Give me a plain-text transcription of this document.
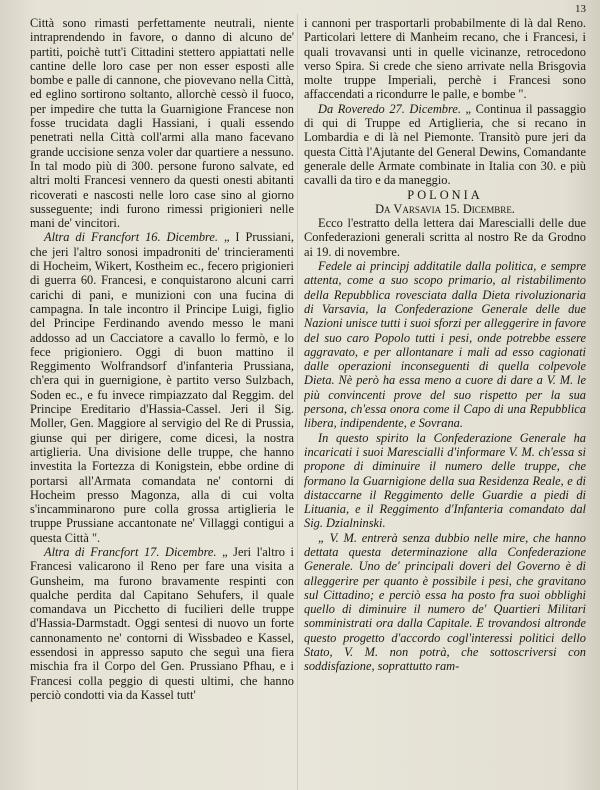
13

Città sono rimasti perfettamente neutrali, niente intraprendendo in favore, o danno di alcuno de' partiti, poichè tutt'i Cittadini stettero appiattati nelle cantine delle loro case per non esser esposti alle bombe e palle di cannone, che piovevano nella Città, ed eglino sortirono soltanto, allorchè cessò il fuoco, per impedire che tutta la Guarnigione Francese non fosse trucidata dagli Hassiani, i quali essendo penetrati nella Città coll'armi alla mano facevano grande uccisione senza voler dar quartiere a nessuno. In tal modo più di 300. persone furono salvate, ed altri molti Francesi vennero da questi onesti abitanti ricoverati e nascosti nelle loro case sino al giorno susseguente; indi furono rimessi prigionieri nelle mani de' vincitori.

Altra di Francfort 16. Dicembre. „ I Prussiani, che jeri l'altro sonosi impadroniti de' trincieramenti di Hocheim, Wikert, Kostheim ec., fecero prigionieri di guerra 60. Francesi, e conquistarono alcuni carri carichi di pani, e munizioni con una fucina di campagna. In tale incontro il Principe Luigi, figlio del Principe Ferdinando avendo messo le mani addosso ad un Cacciatore a cavallo lo fermò, e lo fece prigioniero. Oggi di buon mattino il Reggimento Wolfrandsorf d'infanteria Prussiana, ch'era qui in guernigione, è partito verso Sulzbach, Soden ec., e fu invece rimpiazzato dal Reggim. del Principe Ereditario d'Hassia-Cassel. Jeri il Sig. Moller, Gen. Maggiore al servigio del Re di Prussia, giunse qui per dirigere, come dicesi, la nostra artiglieria. Una divisione delle truppe, che hanno investita la Fortezza di Konigstein, ebbe ordine di portarsi all'Armata comandata ne' contorni di Hocheim presso Magonza, alla di cui volta s'incamminarono pure colla grossa artiglieria le truppe Prussiane accantonate ne' Villaggi contigui a questa Città ".

Altra di Francfort 17. Dicembre. „ Jeri l'altro i Francesi valicarono il Reno per fare una visita a Gunsheim, ma furono bravamente respinti con qualche perdita dal Capitano Sehufers, il quale comandava un Picchetto di fucilieri delle truppe d'Hassia-Darmstadt. Oggi sentesi di nuovo un forte cannonamento ne' contorni di Wissbadeo e Kassel, essendosi in appresso saputo che seguì una fiera mischia fra il Corpo del Gen. Prussiano Pfhau, e i Francesi colla peggio di questi ultimi, che hanno perciò condotti via da Kassel tutt'

i cannoni per trasportarli probabilmente di là dal Reno. Particolari lettere di Manheim recano, che i Francesi, i quali trovavansi unti in quelle vicinanze, retrocedono verso Spira. Si crede che sieno arrivate nella Brisgovia molte truppe Imperiali, perchè i Francesi sono affaccendati a ricondurre le palle, e bombe ".

Da Roveredo 27. Dicembre. „ Continua il passaggio di qui di Truppe ed Artiglieria, che si recano in Lombardia e di là nel Piemonte. Transitò pure jeri da questa Città l'Ajutante del General Dewins, Comandante generale delle Armate combinate in Italia con 30. e più cavalli da tiro e da maneggio.

POLONIA

Da Varsavia 15. Dicembre.

Ecco l'estratto della lettera dai Marescialli delle due Confederazioni generali scritta al nostro Re da Grodno ai 19. di novembre.

Fedele ai principj additatile dalla politica, e sempre attenta, come a suo scopo primario, al ristabilimento della Repubblica rovesciata dalla Dieta rivoluzionaria di Varsavia, la Confederazione Generale delle due Nazioni unisce tutti i suoi sforzi per alleggerire in favore del suo caro Popolo tutti i pesi, onde potrebbe essere aggravato, e per allontanare i mali ad esso cagionati dalle operazioni inconseguenti di quella colpevole Dieta. Nè però ha essa meno a cuore di dare a V. M. le più convincenti prove del suo rispetto per la sua persona, ch'essa onora come il Capo di una Repubblica libera, indipendente, e Sovrana.

In questo spirito la Confederazione Generale ha incaricati i suoi Marescialli d'informare V. M. ch'essa si propone di diminuire il numero delle truppe, che formano la Guarnigione della sua Residenza Reale, e di distaccarne il Reggimento delle Guardie a piedi di Lituania, e il Reggimento d'Infanteria comandato dal Sig. Dzialninski.

„ V. M. entrerà senza dubbio nelle mire, che hanno dettata questa determinazione alla Confederazione Generale. Uno de' principali doveri del Governo è di alleggerire per quanto è possibile i pesi, che gravitano sul Cittadino; e perciò essa ha posto fra suoi obblighi quello di diminuire il numero de' Quartieri Militari somministrati ora dalla Capitale. E trovandosi altronde questo progetto d'accordo cogl'interessi politici dello Stato, V. M. non potrà, che sottoscriversi con soddisfazione, soprattutto ram-
